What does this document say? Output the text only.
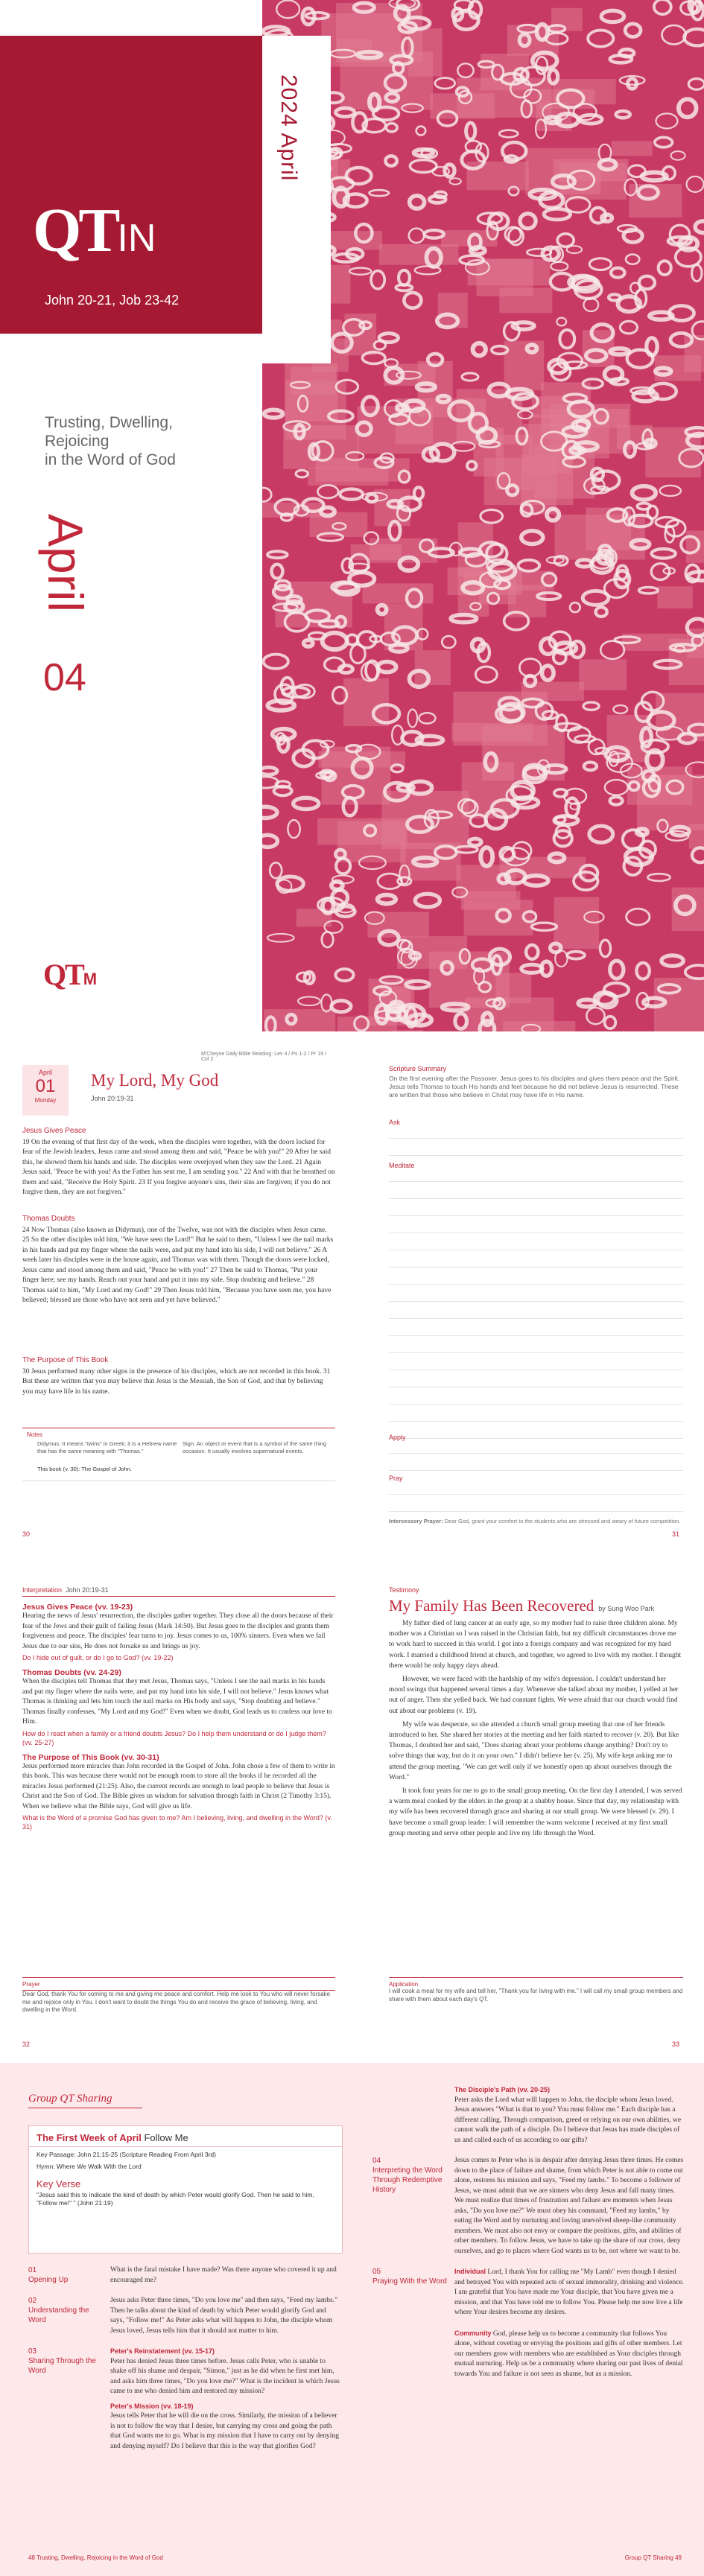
QTIN
John 20-21, Job 23-42
2024 April
Trusting, Dwelling,
Rejoicing
in the Word of God
April
04
QTM
April
01
Monday
My Lord, My God
John 20:19-31
M'Cheyne Daily Bible Reading: Lev 4 / Ps 1-2 / Pr 19 / Col 2
Jesus Gives Peace
19 On the evening of that first day of the week, when the disciples were together, with the doors locked for fear of the Jewish leaders, Jesus came and stood among them and said, "Peace be with you!" 20 After he said this, he showed them his hands and side. The disciples were overjoyed when they saw the Lord. 21 Again Jesus said, "Peace be with you! As the Father has sent me, I am sending you." 22 And with that he breathed on them and said, "Receive the Holy Spirit. 23 If you forgive anyone's sins, their sins are forgiven; if you do not forgive them, they are not forgiven."
Thomas Doubts
24 Now Thomas (also known as Didymus), one of the Twelve, was not with the disciples when Jesus came. 25 So the other disciples told him, "We have seen the Lord!" But he said to them, "Unless I see the nail marks in his hands and put my finger where the nails were, and put my hand into his side, I will not believe." 26 A week later his disciples were in the house again, and Thomas was with them. Though the doors were locked, Jesus came and stood among them and said, "Peace be with you!" 27 Then he said to Thomas, "Put your finger here; see my hands. Reach out your hand and put it into my side. Stop doubting and believe." 28 Thomas said to him, "My Lord and my God!" 29 Then Jesus told him, "Because you have seen me, you have believed; blessed are those who have not seen and yet have believed."
The Purpose of This Book
30 Jesus performed many other signs in the presence of his disciples, which are not recorded in this book. 31 But these are written that you may believe that Jesus is the Messiah, the Son of God, and that by believing you may have life in his name.
Notes
Didymus: It means "twins" in Greek; it is a Hebrew name that has the same meaning with "Thomas."
Sign: An object or event that is a symbol of the same thing occasion. It usually involves supernatural events.
This book (v. 30): The Gospel of John.
30
Scripture Summary
On the first evening after the Passover, Jesus goes to his disciples and gives them peace and the Spirit. Jesus tells Thomas to touch His hands and feet because he did not believe Jesus is resurrected. These are written that those who believe in Christ may have life in His name.
Ask
Meditate
Apply
Pray
Intercessory Prayer: Dear God, grant your comfort to the students who are stressed and weary of future competition.
31
Interpretation John 20:19-31
Jesus Gives Peace (vv. 19-23)
Hearing the news of Jesus' resurrection, the disciples gather together. They close all the doors because of their fear of the Jews and their guilt of failing Jesus (Mark 14:50). But Jesus goes to the disciples and grants them forgiveness and peace. The disciples' fear turns to joy. Jesus comes to us, 100% sinners. Even when we fail Jesus due to our sins, He does not forsake us and brings us joy.
Do I hide out of guilt, or do I go to God? (vv. 19-22)
Thomas Doubts (vv. 24-29)
When the disciples tell Thomas that they met Jesus, Thomas says, "Unless I see the nail marks in his hands and put my finger where the nails were, and put my hand into his side, I will not believe." Jesus knows what Thomas is thinking and lets him touch the nail marks on His body and says, "Stop doubting and believe." Thomas finally confesses, "My Lord and my God!" Even when we doubt, God leads us to confess our love to Him.
How do I react when a family or a friend doubts Jesus? Do I help them understand or do I judge them? (vv. 25-27)
The Purpose of This Book (vv. 30-31)
Jesus performed more miracles than John recorded in the Gospel of John. John chose a few of them to write in this book. This was because there would not be enough room to store all the books if he recorded all the miracles Jesus performed (21:25). Also, the current records are enough to lead people to believe that Jesus is Christ and the Son of God. The Bible gives us wisdom for salvation through faith in Christ (2 Timothy 3:15). When we believe what the Bible says, God will give us life.
What is the Word of a promise God has given to me? Am I believing, living, and dwelling in the Word? (v. 31)
Prayer
Dear God, thank You for coming to me and giving me peace and comfort. Help me look to You who will never forsake me and rejoice only in You. I don't want to doubt the things You do and receive the grace of believing, living, and dwelling in the Word.
32
Testimony
My Family Has Been Recovered by Sung Woo Park
My father died of lung cancer at an early age, so my mother had to raise three children alone. My mother was a Christian so I was raised in the Christian faith, but my difficult circumstances drove me to work hard to succeed in this world. I got into a foreign company and was recognized for my hard work. I married a childhood friend at church, and together, we agreed to live with my mother. I thought there would be only happy days ahead.
However, we were faced with the hardship of my wife's depression. I couldn't understand her mood swings that happened several times a day. Whenever she talked about my mother, I yelled at her out of anger. Then she yelled back. We had constant fights. We were afraid that our church would find out about our problems (v. 19).
My wife was desperate, so she attended a church small group meeting that one of her friends introduced to her. She shared her stories at the meeting and her faith started to recover (v. 20). But like Thomas, I doubted her and said, "Does sharing about your problems change anything? Don't try to solve things that way, but do it on your own." I didn't believe her (v. 25). My wife kept asking me to attend the group meeting. "We can get well only if we honestly open up about ourselves through the Word."
It took four years for me to go to the small group meeting. On the first day I attended, I was served a warm meal cooked by the elders in the group at a shabby house. Since that day, my relationship with my wife has been recovered through grace and sharing at our small group. We were blessed (v. 29). I have become a small group leader. I will remember the warm welcome I received at my first small group meeting and serve other people and live my life through the Word.
Application
I will cook a meal for my wife and tell her, "Thank you for living with me." I will call my small group members and share with them about each day's QT.
33
Group QT Sharing
The First Week of April Follow Me
Key Passage: John 21:15-25 (Scripture Reading From April 3rd)
Hymn: Where We Walk With the Lord
Key Verse
"Jesus said this to indicate the kind of death by which Peter would glorify God. Then he said to him, "Follow me!" " (John 21:19)
01
Opening Up
What is the fatal mistake I have made? Was there anyone who covered it up and encouraged me?
02
Understanding the Word
Jesus asks Peter three times, "Do you love me" and then says, "Feed my lambs." Then he talks about the kind of death by which Peter would glorify God and says, "Follow me!" As Peter asks what will happen to John, the disciple whom Jesus loved, Jesus tells him that it should not matter to him.
03
Sharing Through the Word
Peter's Reinstatement (vv. 15-17)
Peter has denied Jesus three times before. Jesus calls Peter, who is unable to shake off his shame and despair, "Simon," just as he did when he first met him, and asks him three times, "Do you love me?" What is the incident in which Jesus came to me who denied him and restored my mission?
Peter's Mission (vv. 18-19)
Jesus tells Peter that he will die on the cross. Similarly, the mission of a believer is not to follow the way that I desire, but carrying my cross and going the path that God wants me to go. What is my mission that I have to carry out by denying and denying myself? Do I believe that this is the way that glorifies God?
The Disciple's Path (vv. 20-25)
Peter asks the Lord what will happen to John, the disciple whom Jesus loved. Jesus answers "What is that to you? You must follow me." Each disciple has a different calling. Through comparison, greed or relying on our own abilities, we cannot walk the path of a disciple. Do I believe that Jesus has made disciples of us and called each of us according to our gifts?
04
Interpreting the Word Through Redemptive History
Jesus comes to Peter who is in despair after denying Jesus three times. He comes down to the place of failure and shame, from which Peter is not able to come out alone, restores his mission and says, "Feed my lambs." To become a follower of Jesus, we must admit that we are sinners who deny Jesus and fall many times. We must realize that times of frustration and failure are moments when Jesus asks, "Do you love me?" We must obey his command, "Feed my lambs," by eating the Word and by nurturing and loving unevolved sheep-like community members. We must also not envy or compare the positions, gifts, and abilities of other members. To follow Jesus, we have to take up the share of our cross, deny ourselves, and go to places where God wants us to be, not where we want to be.
05
Praying With the Word
Individual Lord, I thank You for calling me "My Lamb" even though I denied and betrayed You with repeated acts of sexual immorality, drinking and violence. I am grateful that You have made me Your disciple, that You have given me a mission, and that You have told me to follow You. Please help me now live a life where Your desires become my desires.
Community God, please help us to become a community that follows You alone, without coveting or envying the positions and gifts of other members. Let our members grow with members who are established as Your disciples through mutual nurturing. Help us be a community where sharing our past lives of denial towards You and failure is not seen as shame, but as a mission.
48 Trusting, Dwelling, Rejoicing in the Word of God	Group QT Sharing 49
